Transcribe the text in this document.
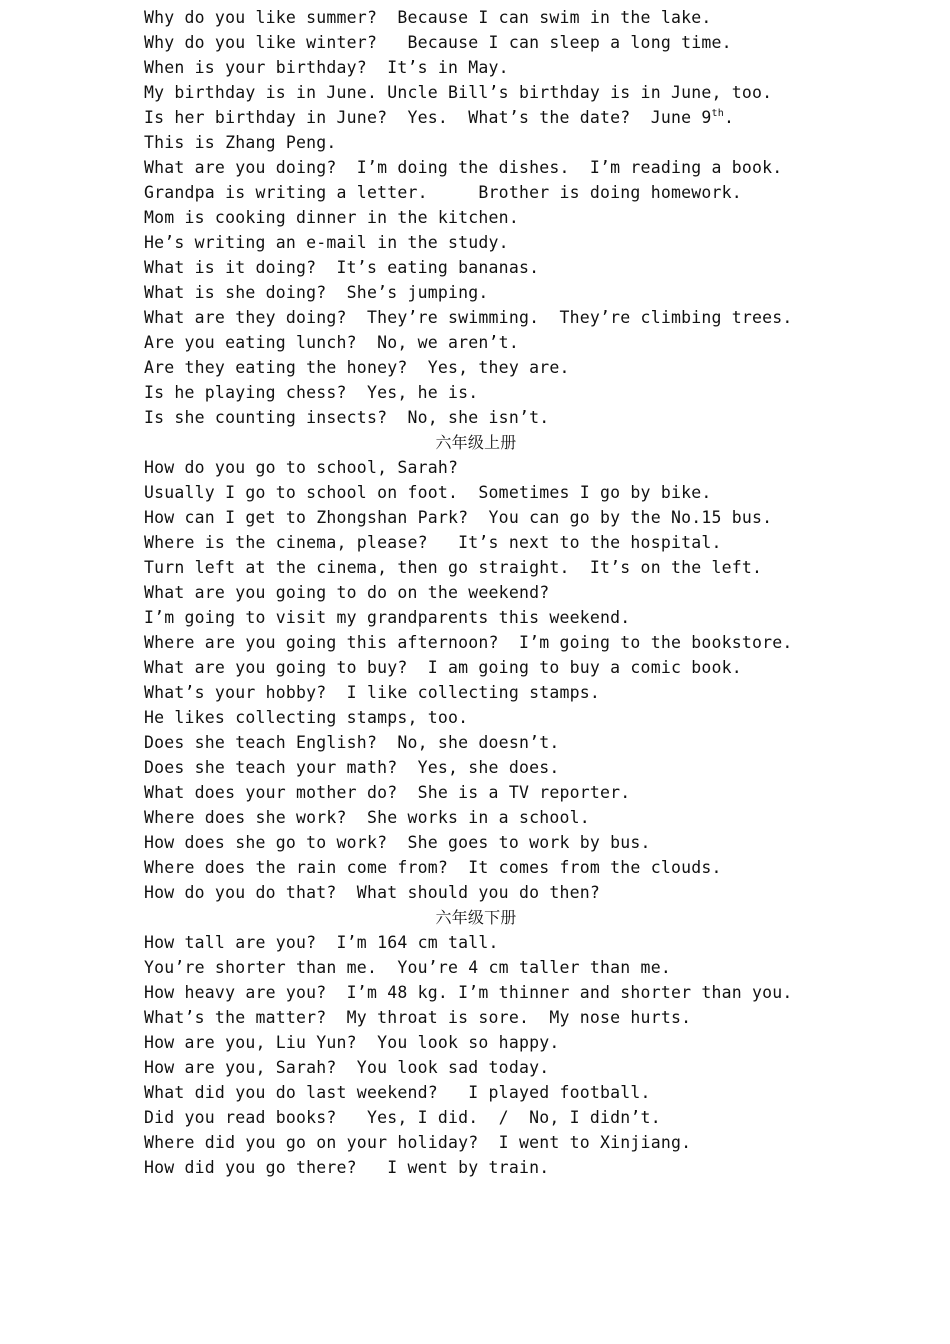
Why do you like summer?  Because I can swim in the lake.
Why do you like winter?   Because I can sleep a long time.
When is your birthday?  It’s in May.
My birthday is in June. Uncle Bill’s birthday is in June, too.
Is her birthday in June?  Yes.  What’s the date?  June 9th.
This is Zhang Peng.
What are you doing?  I’m doing the dishes.  I’m reading a book.
Grandpa is writing a letter.     Brother is doing homework.
Mom is cooking dinner in the kitchen.
He’s writing an e-mail in the study.
What is it doing?  It’s eating bananas.
What is she doing?  She’s jumping.
What are they doing?  They’re swimming.  They’re climbing trees.
Are you eating lunch?  No, we aren’t.
Are they eating the honey?  Yes, they are.
Is he playing chess?  Yes, he is.
Is she counting insects?  No, she isn’t.
六年级上册
How do you go to school, Sarah?
Usually I go to school on foot.  Sometimes I go by bike.
How can I get to Zhongshan Park?  You can go by the No.15 bus.
Where is the cinema, please?   It’s next to the hospital.
Turn left at the cinema, then go straight.  It’s on the left.
What are you going to do on the weekend?
I’m going to visit my grandparents this weekend.
Where are you going this afternoon?  I’m going to the bookstore.
What are you going to buy?  I am going to buy a comic book.
What’s your hobby?  I like collecting stamps.
He likes collecting stamps, too.
Does she teach English?  No, she doesn’t.
Does she teach your math?  Yes, she does.
What does your mother do?  She is a TV reporter.
Where does she work?  She works in a school.
How does she go to work?  She goes to work by bus.
Where does the rain come from?  It comes from the clouds.
How do you do that?  What should you do then?
六年级下册
How tall are you?  I’m 164 cm tall.
You’re shorter than me.  You’re 4 cm taller than me.
How heavy are you?  I’m 48 kg. I’m thinner and shorter than you.
What’s the matter?  My throat is sore.  My nose hurts.
How are you, Liu Yun?  You look so happy.
How are you, Sarah?  You look sad today.
What did you do last weekend?   I played football.
Did you read books?   Yes, I did.  /  No, I didn’t.
Where did you go on your holiday?  I went to Xinjiang.
How did you go there?   I went by train.
